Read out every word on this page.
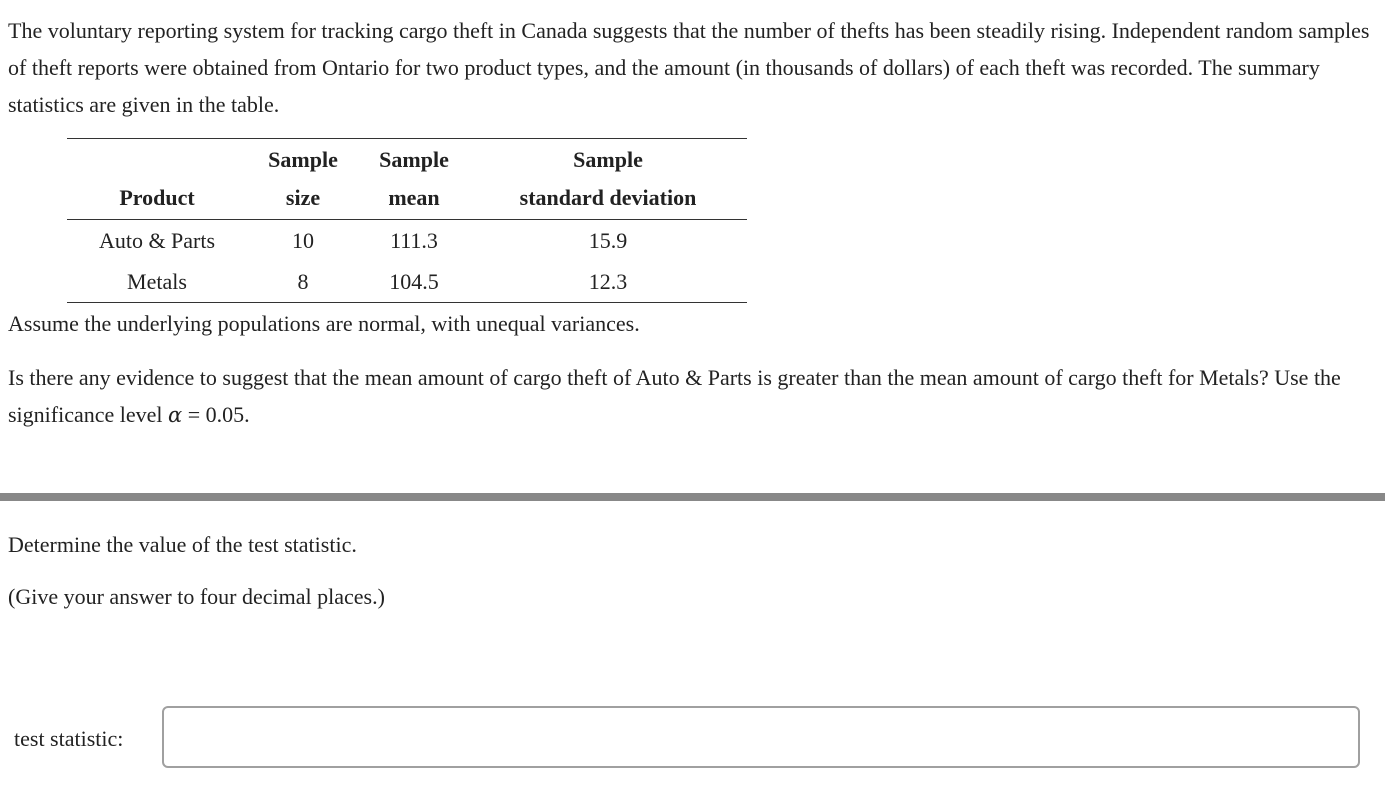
The voluntary reporting system for tracking cargo theft in Canada suggests that the number of thefts has been steadily rising. Independent random samples of theft reports were obtained from Ontario for two product types, and the amount (in thousands of dollars) of each theft was recorded. The summary statistics are given in the table.

	Sample	Sample	Sample
Product	size	mean	standard deviation
Auto & Parts	10	111.3	15.9
Metals	8	104.5	12.3

Assume the underlying populations are normal, with unequal variances.

Is there any evidence to suggest that the mean amount of cargo theft of Auto & Parts is greater than the mean amount of cargo theft for Metals? Use the significance level α = 0.05.

Determine the value of the test statistic.

(Give your answer to four decimal places.)

test statistic:
